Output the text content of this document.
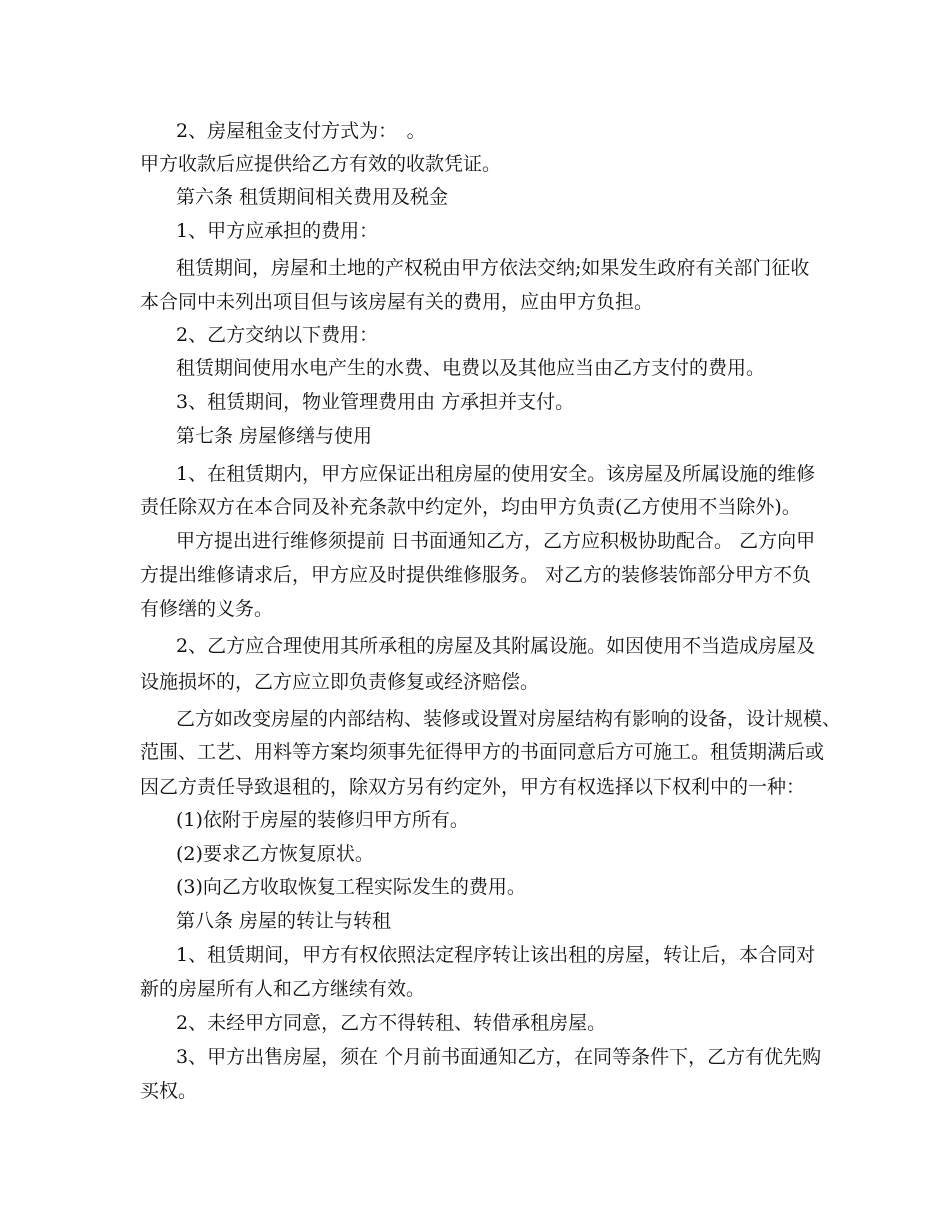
2、房屋租金支付方式为：　。
甲方收款后应提供给乙方有效的收款凭证。
第六条 租赁期间相关费用及税金
1、甲方应承担的费用：
租赁期间，房屋和土地的产权税由甲方依法交纳;如果发生政府有关部门征收
本合同中未列出项目但与该房屋有关的费用，应由甲方负担。
2、乙方交纳以下费用：
租赁期间使用水电产生的水费、电费以及其他应当由乙方支付的费用。
3、租赁期间，物业管理费用由 方承担并支付。
第七条 房屋修缮与使用
1、在租赁期内，甲方应保证出租房屋的使用安全。该房屋及所属设施的维修
责任除双方在本合同及补充条款中约定外，均由甲方负责(乙方使用不当除外)。
甲方提出进行维修须提前 日书面通知乙方，乙方应积极协助配合。 乙方向甲
方提出维修请求后，甲方应及时提供维修服务。 对乙方的装修装饰部分甲方不负
有修缮的义务。
2、乙方应合理使用其所承租的房屋及其附属设施。如因使用不当造成房屋及
设施损坏的，乙方应立即负责修复或经济赔偿。
乙方如改变房屋的内部结构、装修或设置对房屋结构有影响的设备，设计规模、
范围、工艺、用料等方案均须事先征得甲方的书面同意后方可施工。租赁期满后或
因乙方责任导致退租的，除双方另有约定外，甲方有权选择以下权利中的一种：
(1)依附于房屋的装修归甲方所有。
(2)要求乙方恢复原状。
(3)向乙方收取恢复工程实际发生的费用。
第八条 房屋的转让与转租
1、租赁期间，甲方有权依照法定程序转让该出租的房屋，转让后，本合同对
新的房屋所有人和乙方继续有效。
2、未经甲方同意，乙方不得转租、转借承租房屋。
3、甲方出售房屋，须在 个月前书面通知乙方，在同等条件下，乙方有优先购
买权。
